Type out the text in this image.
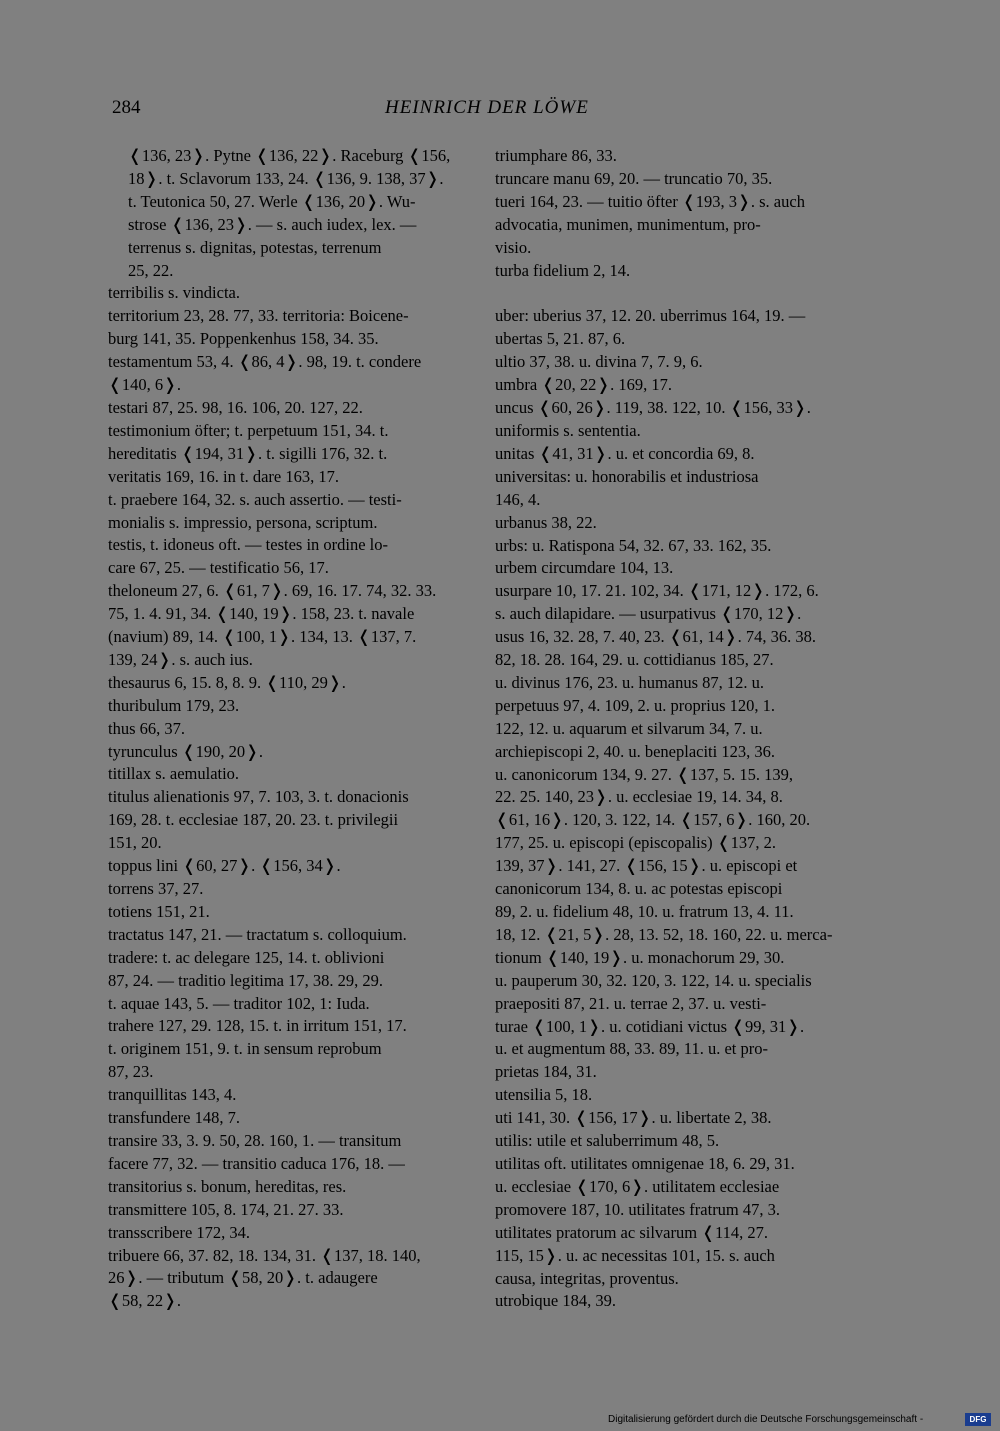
284	HEINRICH DER LÖWE
❬136, 23❭. Pytne ❬136, 22❭. Raceburg ❬156,
18❭. t. Sclavorum 133, 24. ❬136, 9. 138, 37❭.
t. Teutonica 50, 27. Werle ❬136, 20❭. Wu-
strose ❬136, 23❭. — s. auch iudex, lex. —
terrenus s. dignitas, potestas, terrenum
25, 22.
terribilis s. vindicta.
territorium 23, 28. 77, 33. territoria: Boicene-
burg 141, 35. Poppenkenhus 158, 34. 35.
testamentum 53, 4. ❬86, 4❭. 98, 19. t. condere
❬140, 6❭.
testari 87, 25. 98, 16. 106, 20. 127, 22.
testimonium öfter; t. perpetuum 151, 34. t.
hereditatis ❬194, 31❭. t. sigilli 176, 32. t.
veritatis 169, 16. in t. dare 163, 17.
t. praebere 164, 32. s. auch assertio. — testi-
monialis s. impressio, persona, scriptum.
testis, t. idoneus oft. — testes in ordine lo-
care 67, 25. — testificatio 56, 17.
theloneum 27, 6. ❬61, 7❭. 69, 16. 17. 74, 32. 33.
75, 1. 4. 91, 34. ❬140, 19❭. 158, 23. t. navale
(navium) 89, 14. ❬100, 1❭. 134, 13. ❬137, 7.
139, 24❭. s. auch ius.
thesaurus 6, 15. 8, 8. 9. ❬110, 29❭.
thuribulum 179, 23.
thus 66, 37.
tyrunculus ❬190, 20❭.
titillax s. aemulatio.
titulus alienationis 97, 7. 103, 3. t. donacionis
169, 28. t. ecclesiae 187, 20. 23. t. privilegii
151, 20.
toppus lini ❬60, 27❭. ❬156, 34❭.
torrens 37, 27.
totiens 151, 21.
tractatus 147, 21. — tractatum s. colloquium.
tradere: t. ac delegare 125, 14. t. oblivioni
87, 24. — traditio legitima 17, 38. 29, 29.
t. aquae 143, 5. — traditor 102, 1: Iuda.
trahere 127, 29. 128, 15. t. in irritum 151, 17.
t. originem 151, 9. t. in sensum reprobum
87, 23.
tranquillitas 143, 4.
transfundere 148, 7.
transire 33, 3. 9. 50, 28. 160, 1. — transitum
facere 77, 32. — transitio caduca 176, 18. —
transitorius s. bonum, hereditas, res.
transmittere 105, 8. 174, 21. 27. 33.
transscribere 172, 34.
tribuere 66, 37. 82, 18. 134, 31. ❬137, 18. 140,
26❭. — tributum ❬58, 20❭. t. adaugere
❬58, 22❭.
triumphare 86, 33.
truncare manu 69, 20. — truncatio 70, 35.
tueri 164, 23. — tuitio öfter ❬193, 3❭. s. auch
advocatia, munimen, munimentum, pro-
visio.
turba fidelium 2, 14.
uber: uberius 37, 12. 20. uberrimus 164, 19. —
ubertas 5, 21. 87, 6.
ultio 37, 38. u. divina 7, 7. 9, 6.
umbra ❬20, 22❭. 169, 17.
uncus ❬60, 26❭. 119, 38. 122, 10. ❬156, 33❭.
uniformis s. sententia.
unitas ❬41, 31❭. u. et concordia 69, 8.
universitas: u. honorabilis et industriosa
146, 4.
urbanus 38, 22.
urbs: u. Ratispona 54, 32. 67, 33. 162, 35.
urbem circumdare 104, 13.
usurpare 10, 17. 21. 102, 34. ❬171, 12❭. 172, 6.
s. auch dilapidare. — usurpativus ❬170, 12❭.
usus 16, 32. 28, 7. 40, 23. ❬61, 14❭. 74, 36. 38.
82, 18. 28. 164, 29. u. cottidianus 185, 27.
u. divinus 176, 23. u. humanus 87, 12. u.
perpetuus 97, 4. 109, 2. u. proprius 120, 1.
122, 12. u. aquarum et silvarum 34, 7. u.
archiepiscopi 2, 40. u. beneplaciti 123, 36.
u. canonicorum 134, 9. 27. ❬137, 5. 15. 139,
22. 25. 140, 23❭. u. ecclesiae 19, 14. 34, 8.
❬61, 16❭. 120, 3. 122, 14. ❬157, 6❭. 160, 20.
177, 25. u. episcopi (episcopalis) ❬137, 2.
139, 37❭. 141, 27. ❬156, 15❭. u. episcopi et
canonicorum 134, 8. u. ac potestas episcopi
89, 2. u. fidelium 48, 10. u. fratrum 13, 4. 11.
18, 12. ❬21, 5❭. 28, 13. 52, 18. 160, 22. u. merca-
tionum ❬140, 19❭. u. monachorum 29, 30.
u. pauperum 30, 32. 120, 3. 122, 14. u. specialis
praepositi 87, 21. u. terrae 2, 37. u. vesti-
turae ❬100, 1❭. u. cotidiani victus ❬99, 31❭.
u. et augmentum 88, 33. 89, 11. u. et pro-
prietas 184, 31.
utensilia 5, 18.
uti 141, 30. ❬156, 17❭. u. libertate 2, 38.
utilis: utile et saluberrimum 48, 5.
utilitas oft. utilitates omnigenae 18, 6. 29, 31.
u. ecclesiae ❬170, 6❭. utilitatem ecclesiae
promovere 187, 10. utilitates fratrum 47, 3.
utilitates pratorum ac silvarum ❬114, 27.
115, 15❭. u. ac necessitas 101, 15. s. auch
causa, integritas, proventus.
utrobique 184, 39.
Digitalisierung gefördert durch die Deutsche Forschungsgemeinschaft -	DFG
